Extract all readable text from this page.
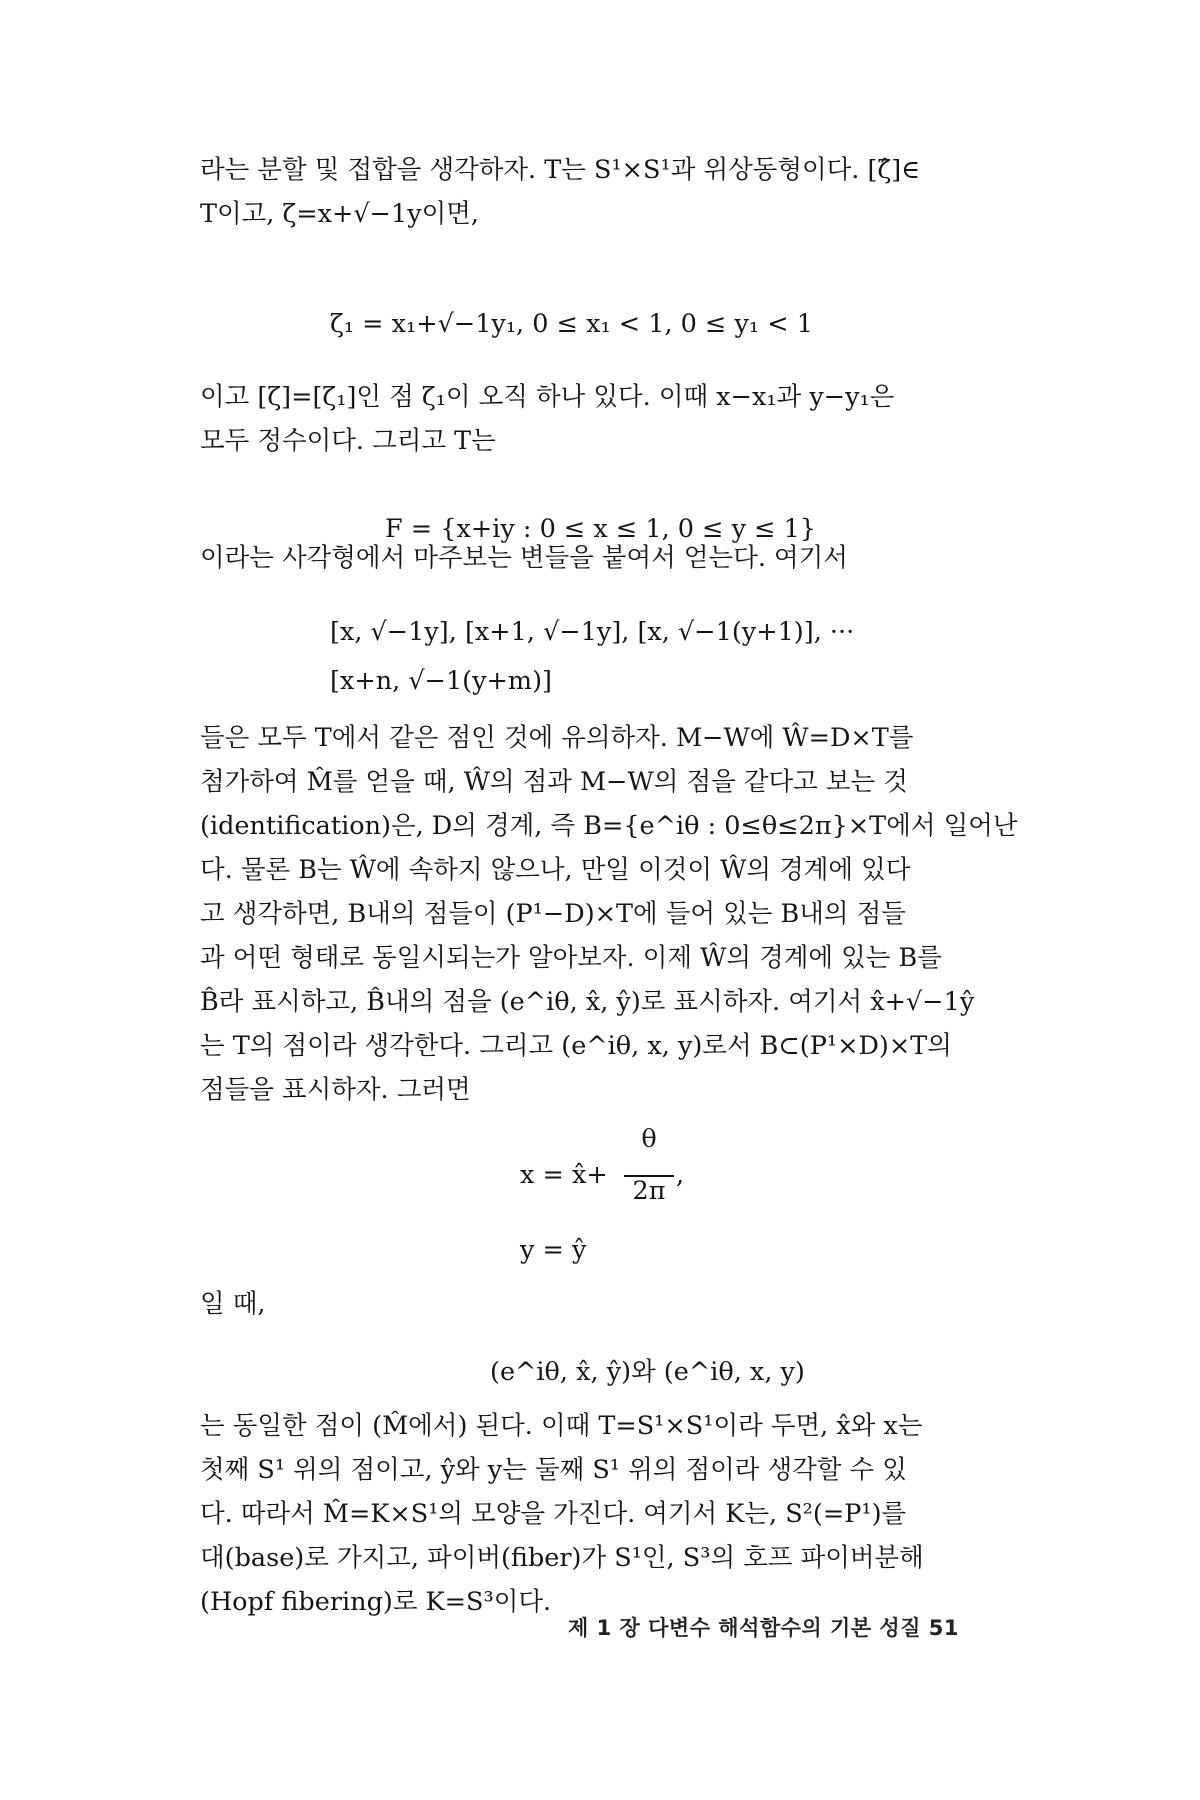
라는 분할 및 접합을 생각하자. T는 S¹×S¹과 위상동형이다. [ζ̂]∈

T이고, ζ=x+√−1y이면,

ζ₁ = x₁+√−1y₁, 0 ≤ x₁ < 1, 0 ≤ y₁ < 1

이고 [ζ]=[ζ₁]인 점 ζ₁이 오직 하나 있다. 이때 x−x₁과 y−y₁은

모두 정수이다. 그리고 T는

F = {x+iy : 0 ≤ x ≤ 1, 0 ≤ y ≤ 1}

이라는 사각형에서 마주보는 변들을 붙여서 얻는다. 여기서

[x, √−1y], [x+1, √−1y], [x, √−1(y+1)], ···
[x+n, √−1(y+m)]

들은 모두 T에서 같은 점인 것에 유의하자. M−W에 Ŵ=D×T를

첨가하여 M̂를 얻을 때, Ŵ의 점과 M−W의 점을 같다고 보는 것

(identification)은, D의 경계, 즉 B={e^iθ : 0≤θ≤2π}×T에서 일어난

다. 물론 B는 Ŵ에 속하지 않으나, 만일 이것이 Ŵ의 경계에 있다

고 생각하면, B내의 점들이 (P¹−D)×T에 들어 있는 B내의 점들

과 어떤 형태로 동일시되는가 알아보자. 이제 Ŵ의 경계에 있는 B를

B̂라 표시하고, B̂내의 점을 (e^iθ, x̂, ŷ)로 표시하자. 여기서 x̂+√−1ŷ

는 T의 점이라 생각한다. 그리고 (e^iθ, x, y)로서 B⊂(P¹×D)×T의

점들을 표시하자. 그러면

x = x̂+
θ
2π
,
y = ŷ

일 때,

(e^iθ, x̂, ŷ)와 (e^iθ, x, y)

는 동일한 점이 (M̂에서) 된다. 이때 T=S¹×S¹이라 두면, x̂와 x는

첫째 S¹ 위의 점이고, ŷ와 y는 둘째 S¹ 위의 점이라 생각할 수 있

다. 따라서 M̂=K×S¹의 모양을 가진다. 여기서 K는, S²(=P¹)를

대(base)로 가지고, 파이버(fiber)가 S¹인, S³의 호프 파이버분해

(Hopf fibering)로 K=S³이다.

제 1 장 다변수 해석함수의 기본 성질 51
